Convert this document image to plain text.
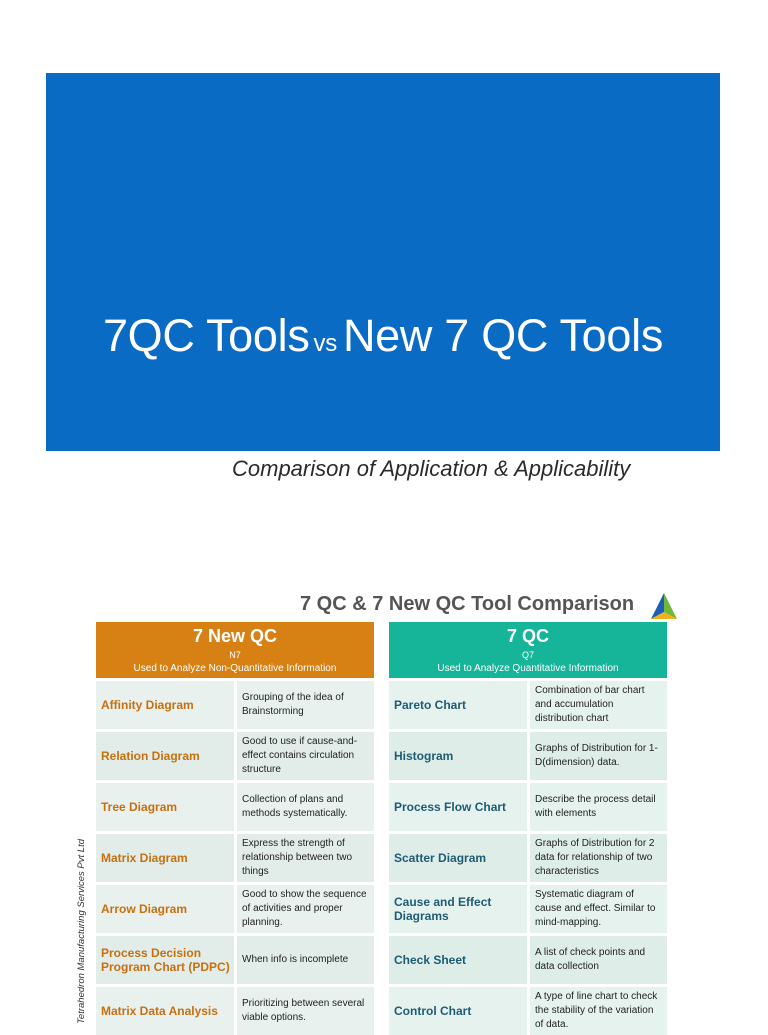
7QC Tools vs New 7 QC Tools
Comparison of Application & Applicability
7 QC & 7 New QC Tool Comparison
Tetrahedron Manufacturing Services Pvt Ltd
7 New QC
N7
Used to Analyze Non-Quantitative Information
Affinity Diagram
Grouping of the idea of Brainstorming
Relation Diagram
Good to use if cause-and-effect contains circulation structure
Tree Diagram
Collection of plans and methods systematically.
Matrix Diagram
Express the strength of relationship between two things
Arrow Diagram
Good to show the sequence of activities and proper planning.
Process Decision Program Chart (PDPC)
When info is incomplete
Matrix Data Analysis
Prioritizing between several viable options.
7 QC
Q7
Used to Analyze Quantitative Information
Pareto Chart
Combination of bar chart and accumulation distribution chart
Histogram
Graphs of Distribution for 1- D(dimension) data.
Process Flow Chart
Describe the process detail with elements
Scatter Diagram
Graphs of Distribution for 2 data for relationship of two characteristics
Cause and Effect Diagrams
Systematic diagram of cause and effect. Similar to mind-mapping.
Check Sheet
A list of check points and data collection
Control Chart
A type of line chart to check the stability of the variation of data.
